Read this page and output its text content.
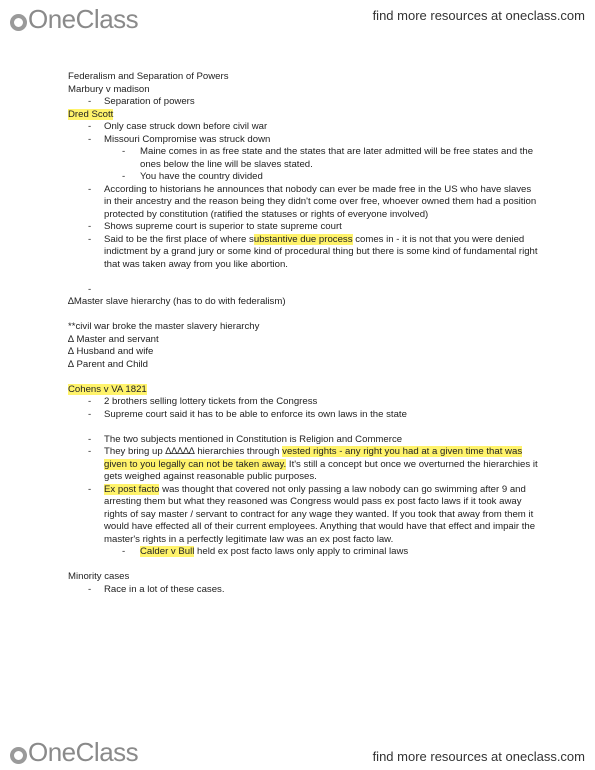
OneClass	find more resources at oneclass.com

Federalism and Separation of Powers

Marbury v madison

- Separation of powers

Dred Scott

- Only case struck down before civil war

- Missouri Compromise was struck down

- Maine comes in as free state and the states that are later admitted will be free states and the ones below the line will be slaves stated.

- You have the country divided

- According to historians he announces that nobody can ever be made free in the US who have slaves in their ancestry and the reason being they didn't come over free, whoever owned them had a position protected by constitution (ratified the statuses or rights of everyone involved)

- Shows supreme court is superior to state supreme court

- Said to be the first place of where substantive due process comes in - it is not that you were denied indictment by a grand jury or some kind of procedural thing but there is some kind of fundamental right that was taken away from you like abortion.

∆Master slave hierarchy (has to do with federalism)

**civil war broke the master slavery hierarchy

∆ Master and servant

∆ Husband and wife

∆ Parent and Child

Cohens v VA 1821

- 2 brothers selling lottery tickets from the Congress

- Supreme court said it has to be able to enforce its own laws in the state

- The two subjects mentioned in Constitution is Religion and Commerce

- They bring up ∆∆∆∆∆ hierarchies through vested rights - any right you had at a given time that was given to you legally can not be taken away. It's still a concept but once we overturned the hierarchies it gets weighed against reasonable public purposes.

- Ex post facto was thought that covered not only passing a law nobody can go swimming after 9 and arresting them but what they reasoned was Congress would pass ex post facto laws if it took away rights of say master / servant to contract for any wage they wanted. If you took that away from them it would have effected all of their current employees. Anything that would have that effect and impair the master's rights in a perfectly legitimate law was an ex post facto law.

- Calder v Bull held ex post facto laws only apply to criminal laws

Minority cases

- Race in a lot of these cases.

OneClass	find more resources at oneclass.com
